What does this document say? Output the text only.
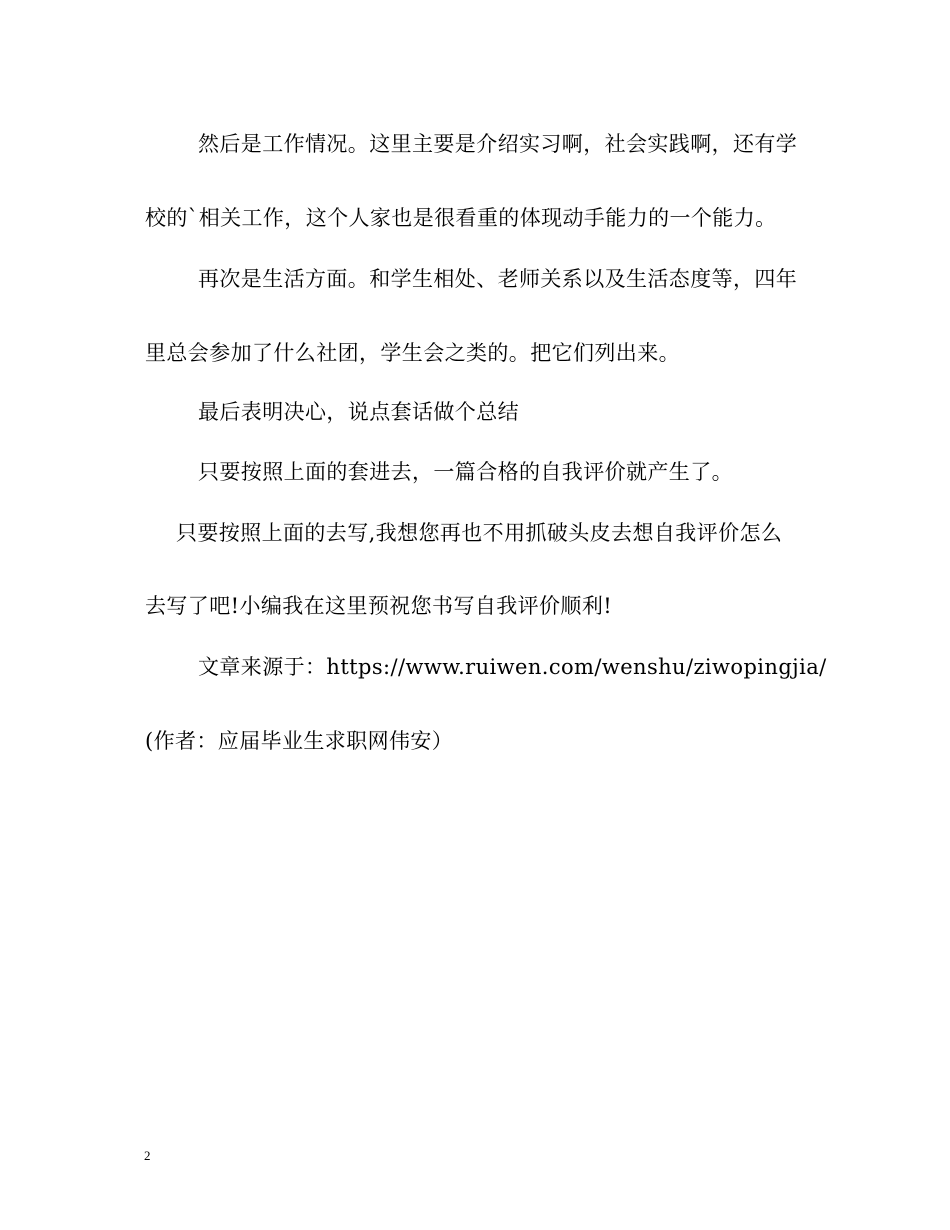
然后是工作情况。这里主要是介绍实习啊，社会实践啊，还有学
校的`相关工作，这个人家也是很看重的体现动手能力的一个能力。
再次是生活方面。和学生相处、老师关系以及生活态度等，四年
里总会参加了什么社团，学生会之类的。把它们列出来。
最后表明决心，说点套话做个总结
只要按照上面的套进去，一篇合格的自我评价就产生了。
只要按照上面的去写,我想您再也不用抓破头皮去想自我评价怎么
去写了吧!小编我在这里预祝您书写自我评价顺利!
文章来源于：https://www.ruiwen.com/wenshu/ziwopingjia/
(作者：应届毕业生求职网伟安）
2
